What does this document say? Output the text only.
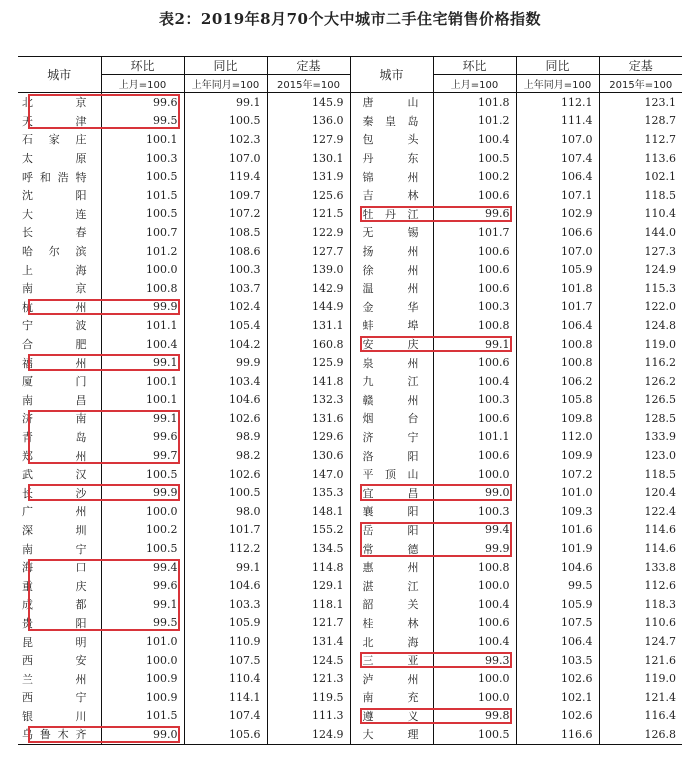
表2：2019年8月70个大中城市二手住宅销售价格指数
城市	环比	同比	定基	城市	环比	同比	定基
	上月=100	上年同月=100	2015年=100		上月=100	上年同月=100	2015年=100
北　京	99.6	99.1	145.9	唐　山	101.8	112.1	123.1
天　津	99.5	100.5	136.0	秦皇岛	101.2	111.4	128.7
石家庄	100.1	102.3	127.9	包　头	100.4	107.0	112.7
太　原	100.3	107.0	130.1	丹　东	100.5	107.4	113.6
呼和浩特	100.5	119.4	131.9	锦　州	100.2	106.4	102.1
沈　阳	101.5	109.7	125.6	吉　林	100.6	107.1	118.5
大　连	100.5	107.2	121.5	牡丹江	99.6	102.9	110.4
长　春	100.7	108.5	122.9	无　锡	101.7	106.6	144.0
哈尔滨	101.2	108.6	127.7	扬　州	100.6	107.0	127.3
上　海	100.0	100.3	139.0	徐　州	100.6	105.9	124.9
南　京	100.8	103.7	142.9	温　州	100.6	101.8	115.3
杭　州	99.9	102.4	144.9	金　华	100.3	101.7	122.0
宁　波	101.1	105.4	131.1	蚌　埠	100.8	106.4	124.8
合　肥	100.4	104.2	160.8	安　庆	99.1	100.8	119.0
福　州	99.1	99.9	125.9	泉　州	100.6	100.8	116.2
厦　门	100.1	103.4	141.8	九　江	100.4	106.2	126.2
南　昌	100.1	104.6	132.3	赣　州	100.3	105.8	126.5
济　南	99.1	102.6	131.6	烟　台	100.6	109.8	128.5
青　岛	99.6	98.9	129.6	济　宁	101.1	112.0	133.9
郑　州	99.7	98.2	130.6	洛　阳	100.6	109.9	123.0
武　汉	100.5	102.6	147.0	平顶山	100.0	107.2	118.5
长　沙	99.9	100.5	135.3	宜　昌	99.0	101.0	120.4
广　州	100.0	98.0	148.1	襄　阳	100.3	109.3	122.4
深　圳	100.2	101.7	155.2	岳　阳	99.4	101.6	114.6
南　宁	100.5	112.2	134.5	常　德	99.9	101.9	114.6
海　口	99.4	99.1	114.8	惠　州	100.8	104.6	133.8
重　庆	99.6	104.6	129.1	湛　江	100.0	99.5	112.6
成　都	99.1	103.3	118.1	韶　关	100.4	105.9	118.3
贵　阳	99.5	105.9	121.7	桂　林	100.6	107.5	110.6
昆　明	101.0	110.9	131.4	北　海	100.4	106.4	124.7
西　安	100.0	107.5	124.5	三　亚	99.3	103.5	121.6
兰　州	100.9	110.4	121.3	泸　州	100.0	102.6	119.0
西　宁	100.9	114.1	119.5	南　充	100.0	102.1	121.4
银　川	101.5	107.4	111.3	遵　义	99.8	102.6	116.4
乌鲁木齐	99.0	105.6	124.9	大　理	100.5	116.6	126.8
